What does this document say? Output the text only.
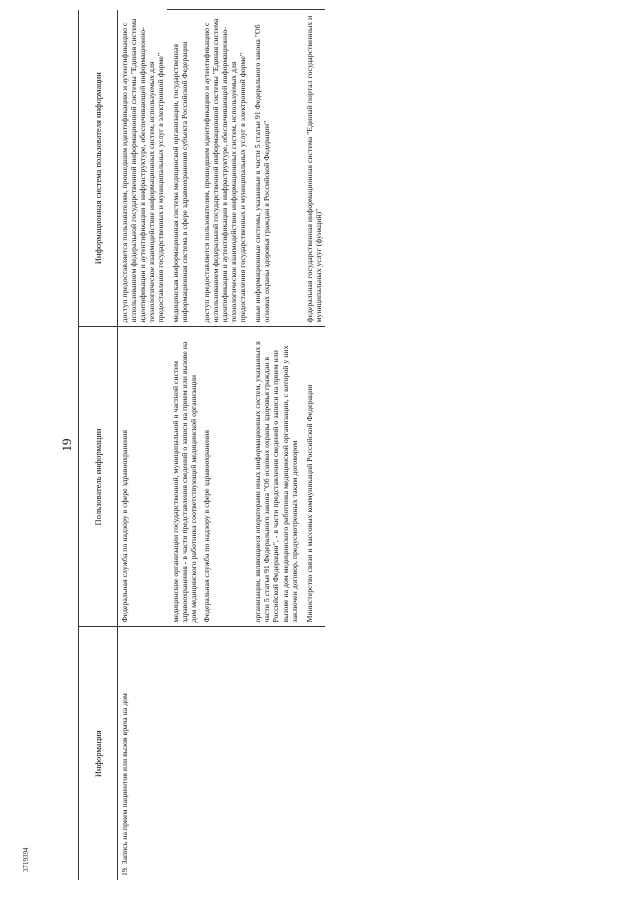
3719394
19
Информация	Пользователь информации	Информационная система пользователя информации
19. Запись на прием пациентов или вызов врача на дом	Федеральная служба по надзору в сфере здравоохранения	доступ предоставляется пользователям, прошедшим идентификацию и аутентификацию с использованием федеральной государственной информационной системы "Единая система идентификации и аутентификации в инфраструктуре, обеспечивающей информационно-технологическое взаимодействие информационных систем, используемых для предоставления государственных и муниципальных услуг в электронной форме"
	медицинские организации государственной, муниципальной и частной систем здравоохранения - в части представления сведений о записи на прием или вызове на дом медицинского работника соответствующей медицинской организации	медицинская информационная система медицинской организации, государственная информационная система в сфере здравоохранения субъекта Российской Федерации
	Федеральная служба по надзору в сфере здравоохранения	доступ предоставляется пользователям, прошедшим идентификацию и аутентификацию с использованием федеральной государственной информационной системы "Единая система идентификации и аутентификации в инфраструктуре, обеспечивающей информационно-технологическое взаимодействие информационных систем, используемых для предоставления государственных и муниципальных услуг в электронной форме"
	организации, являющиеся операторами иных информационных систем, указанных в части 5 статьи 91 Федерального закона "Об основах охраны здоровья граждан в Российской Федерации", - в части представления сведений о записи на прием или вызове на дом медицинского работника медицинской организации, с которой у них заключен договор, предусмотренных таким договором	иные информационные системы, указанные в части 5 статьи 91 Федерального закона "Об основах охраны здоровья граждан в Российской Федерации"
	Министерство связи и массовых коммуникаций Российской Федерации	федеральная государственная информационная система "Единый портал государственных и муниципальных услуг (функций)"
